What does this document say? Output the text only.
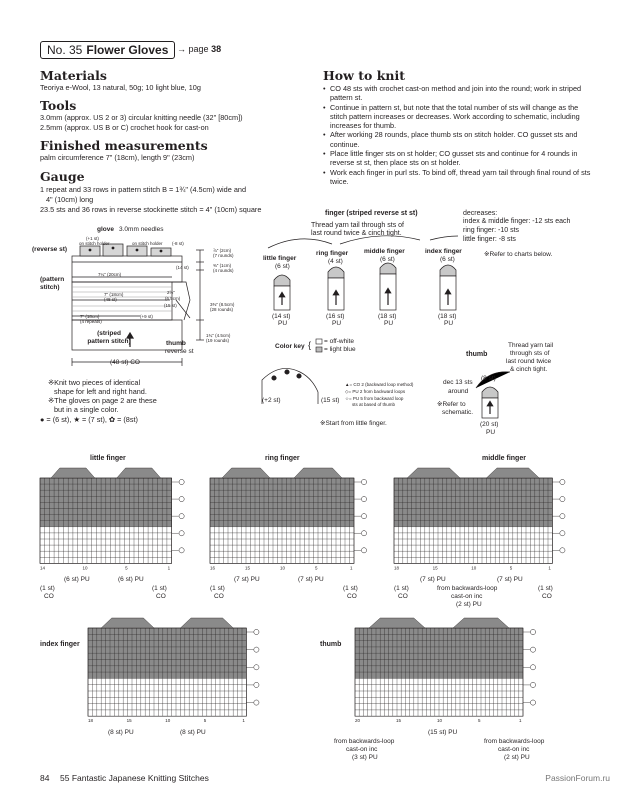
No. 35 Flower Gloves → page 38
Materials
Teoriya e-Wool, 13 natural, 50g; 10 light blue, 10g
Tools
3.0mm (approx. US 2 or 3) circular knitting needle (32" [80cm])
2.5mm (approx. US B or C) crochet hook for cast-on
Finished measurements
palm circumference 7" (18cm), length 9" (23cm)
Gauge
1 repeat and 33 rows in pattern stitch B = 1¾" (4.5cm) wide and
4" (10cm) long
23.5 sts and 36 rows in reverse stockinette stitch = 4" (10cm) square
How to knit
• CO 48 sts with crochet cast-on method and join into the round; work in striped pattern st.
• Continue in pattern st, but note that the total number of sts will change as the stitch pattern increases or decreases. Work according to schematic, including increases for thumb.
• After working 28 rounds, place thumb sts on stitch holder. CO gusset sts and continue.
• Place little finger sts on st holder; CO gusset sts and continue for 4 rounds in reverse st st, then place sts on st holder.
• Work each finger in purl sts. To bind off, thread yarn tail through final round of sts twice.
glove 3.0mm needles
(+1 st)
on stitch holder	on stitch holder (-8 st)
(14 st)
(reverse st)
(pattern
stitch)
7¼" (20cm)
7" (18cm)
(48 st)
7" (18cm)
(4 repeats)
(+9 st)
(15 st)
2½"
(6.5cm)
(striped
pattern stitch)	thumb
reverse st
(48 st) CO
⅞" (2cm)
(7 rounds)
⅜" (1cm)
(4 rounds)
3⅜" (8.5cm)
(28 rounds)
1¾" (4.5cm)
(19 rounds)
※Knit two pieces of identical
shape for left and right hand.
※The gloves on page 2 are these
but in a single color.
● = (6 st), ★ = (7 st), ✿ = (8st)
finger (striped reverse st st)
Thread yarn tail through sts of
last round twice & cinch tight.
decreases:
index & middle finger: -12 sts each
ring finger: -10 sts
little finger: -8 sts
※Refer to charts below.
little finger
(6 st)
(14 st)
PU
ring finger
(4 st)
(16 st)
PU
middle finger
(6 st)
(18 st)
PU
index finger
(6 st)
(18 st)
PU
Color key { = off-white
= light blue
thumb
Thread yarn tail
through sts of
last round twice
& cinch tight.
dec 13 sts
around
(8 st)
※Refer to
schematic.
(20 st)
PU
(+2 st)	(15 st)
▲= CO 2 (backward loop method)
◇= PU 2 from backward loops
☆= PU 5 from backward loop
sts at based of thumb
※Start from little finger.
little finger	ring finger	middle finger
index finger	thumb
14	10	5	1	16	15	10	5	1	18	15	10	5	1
18	15	10	5	1	20	15	10	5	1
(6 st) PU	(6 st) PU
(1 st)
CO
(1 st)
CO
(7 st) PU	(7 st) PU
(1 st)
CO
(1 st)
CO
(7 st) PU	(7 st) PU
(1 st)
CO
(1 st)
CO
from backwards-loop
cast-on inc
(2 st) PU
(8 st) PU	(8 st) PU	(15 st) PU
from backwards-loop
cast-on inc
(3 st) PU
from backwards-loop
cast-on inc
(2 st) PU
84 55 Fantastic Japanese Knitting Stitches	PassionForum.ru
